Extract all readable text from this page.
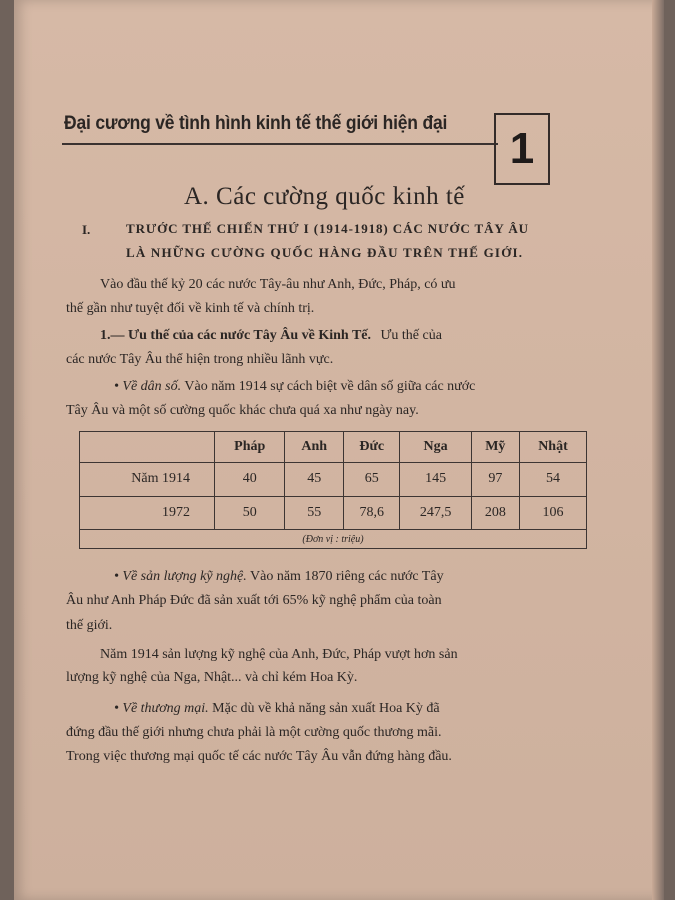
Đại cương về tình hình kinh tế thế giới hiện đại
1
A. Các cường quốc kinh tế
I.	TRƯỚC THẾ CHIẾN THỨ I (1914-1918) CÁC NƯỚC TÂY ÂU
LÀ NHỮNG CƯỜNG QUỐC HÀNG ĐẦU TRÊN THẾ GIỚI.
Vào đầu thế kỷ 20 các nước Tây-âu như Anh, Đức, Pháp, có ưu
thế gần như tuyệt đối về kinh tế và chính trị.
1.— Ưu thế của các nước Tây Âu về Kinh Tế. Ưu thế của
các nước Tây Âu thể hiện trong nhiều lãnh vực.
• Về dân số. Vào năm 1914 sự cách biệt về dân số giữa các nước
Tây Âu và một số cường quốc khác chưa quá xa như ngày nay.
	Pháp	Anh	Đức	Nga	Mỹ	Nhật
Năm 1914	40	45	65	145	97	54
1972	50	55	78,6	247,5	208	106
(Đơn vị : triệu)						
• Về sản lượng kỹ nghệ. Vào năm 1870 riêng các nước Tây
Âu như Anh Pháp Đức đã sản xuất tới 65% kỹ nghệ phẩm của toàn
thế giới.
Năm 1914 sản lượng kỹ nghệ của Anh, Đức, Pháp vượt hơn sản
lượng kỹ nghệ của Nga, Nhật... và chỉ kém Hoa Kỳ.
• Về thương mại. Mặc dù về khả năng sản xuất Hoa Kỳ đã
đứng đầu thế giới nhưng chưa phải là một cường quốc thương mãi.
Trong việc thương mại quốc tế các nước Tây Âu vẫn đứng hàng đầu.
